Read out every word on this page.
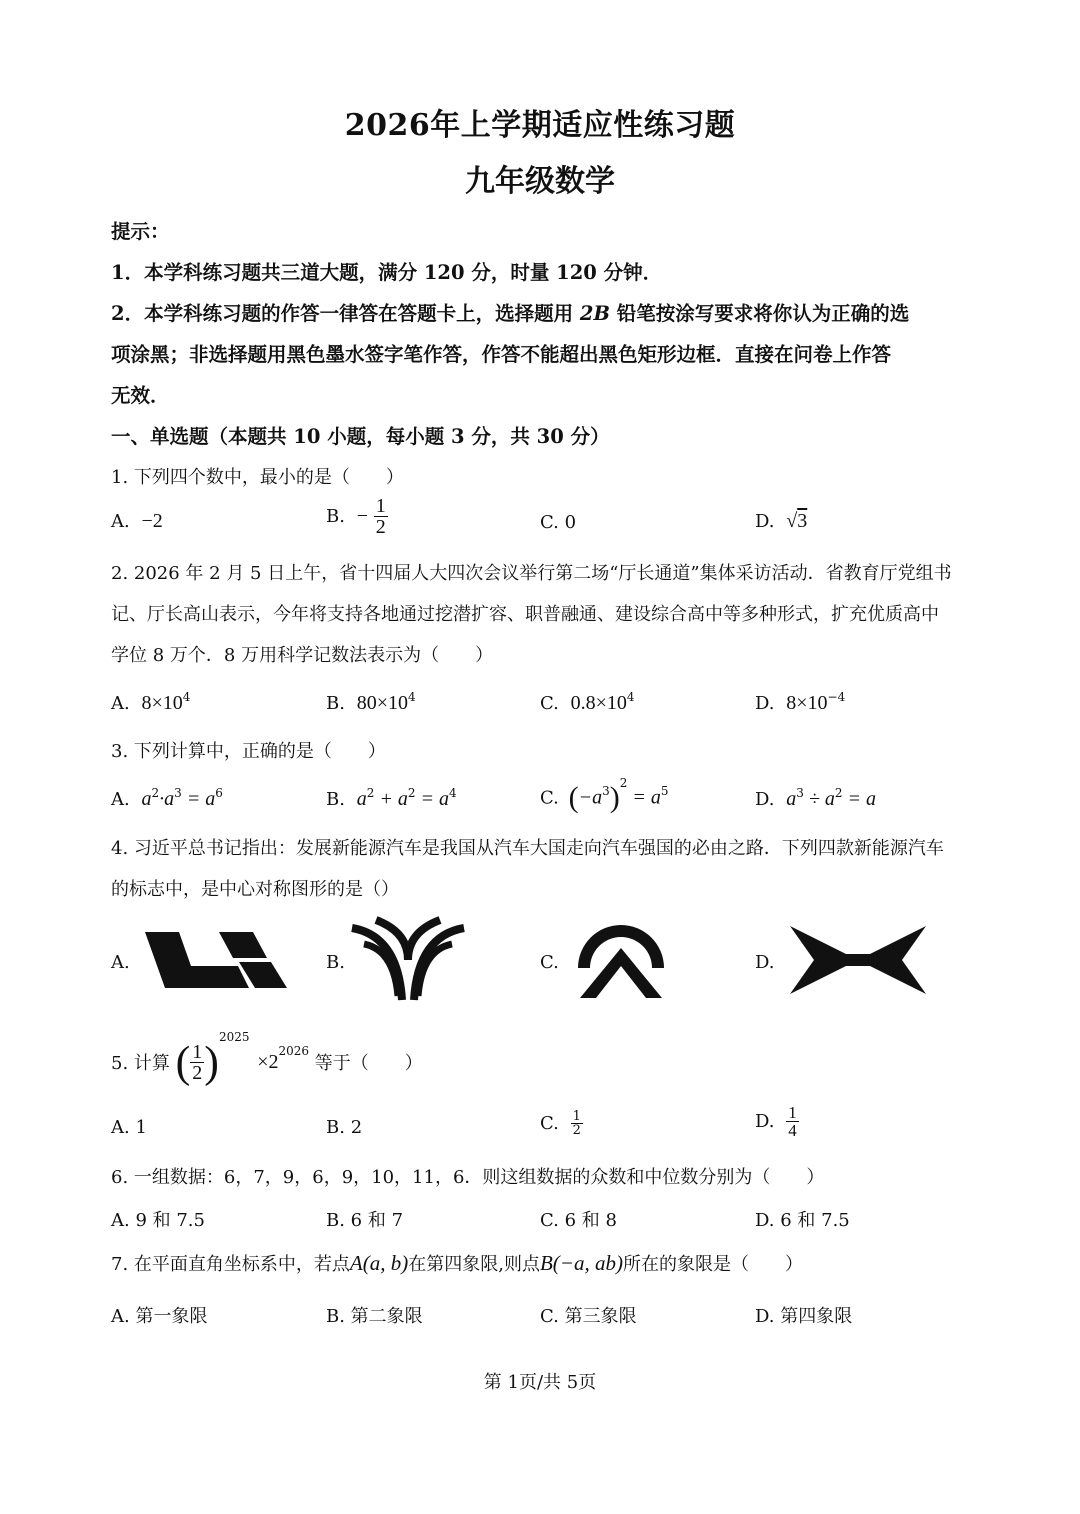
2026年上学期适应性练习题
九年级数学
提示：
1．本学科练习题共三道大题，满分 120 分，时量 120 分钟．
2．本学科练习题的作答一律答在答题卡上，选择题用 2B 铅笔按涂写要求将你认为正确的选
项涂黑；非选择题用黑色墨水签字笔作答，作答不能超出黑色矩形边框．直接在问卷上作答
无效．
一、单选题（本题共 10 小题，每小题 3 分，共 30 分）
1. 下列四个数中，最小的是（　　）
A. −2	B. − $\frac{1}{2}$	C. 0	D. √3
2. 2026 年 2 月 5 日上午，省十四届人大四次会议举行第二场“厅长通道”集体采访活动．省教育厅党组书
记、厅长高山表示，今年将支持各地通过挖潜扩容、职普融通、建设综合高中等多种形式，扩充优质高中
学位 8 万个．8 万用科学记数法表示为（　　）
A. $8\times 10^4$	B. $80\times 10^4$	C. $0.8\times 10^4$	D. $8\times 10^{-4}$
3. 下列计算中，正确的是（　　）
A. $a^2\cdot a^3 = a^6$	B. $a^2 + a^2 = a^4$	C. $(-a^3)^2 = a^5$	D. $a^3 \div a^2 = a$
4. 习近平总书记指出：发展新能源汽车是我国从汽车大国走向汽车强国的必由之路．下列四款新能源汽车
的标志中，是中心对称图形的是（）
A.	B.	C.	D.
5. 计算 ( $\frac{1}{2} )^{2025} \times 2^{2026}$ 等于（　　）
A. 1	B. 2	C. $\frac{1}{2}$	D. $\frac{1}{4}$
6. 一组数据：6，7，9，6，9，10，11，6．则这组数据的众数和中位数分别为（　　）
A. 9 和 7.5	B. 6 和 7	C. 6 和 8	D. 6 和 7.5
7. 在平面直角坐标系中，若点A(a, b)在第四象限,则点B(−a, ab)所在的象限是（　　）
A. 第一象限	B. 第二象限	C. 第三象限	D. 第四象限
第 1页/共 5页
